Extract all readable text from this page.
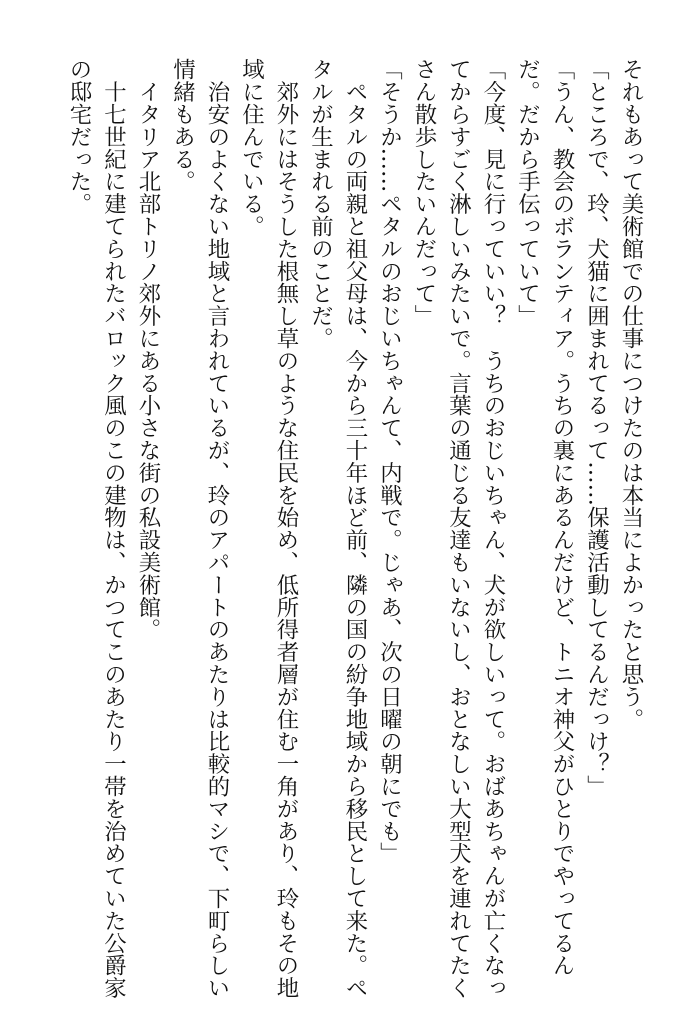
それもあって美術館での仕事につけたのは本当によかったと思う。
「ところで、玲、犬猫に囲まれてるって……保護活動してるんだっけ？」
「うん、教会のボランティア。うちの裏にあるんだけど、トニオ神父がひとりでやってるん
だ。だから手伝っていて」
「今度、見に行っていい？　うちのおじいちゃん、犬が欲しいって。おばあちゃんが亡くなっ
てからすごく淋しいみたいで。言葉の通じる友達もいないし、おとなしい大型犬を連れてたく
さん散歩したいんだって」
「そうか……ペタルのおじいちゃんて、内戦で。じゃあ、次の日曜の朝にでも」
　ペタルの両親と祖父母は、今から三十年ほど前、隣の国の紛争地域から移民として来た。ペ
タルが生まれる前のことだ。
　郊外にはそうした根無し草のような住民を始め、低所得者層が住む一角があり、玲もその地
域に住んでいる。
　治安のよくない地域と言われているが、玲のアパートのあたりは比較的マシで、下町らしい
情緒もある。
　イタリア北部トリノ郊外にある小さな街の私設美術館。
　十七世紀に建てられたバロック風のこの建物は、かつてこのあたり一帯を治めていた公爵家
の邸宅だった。
